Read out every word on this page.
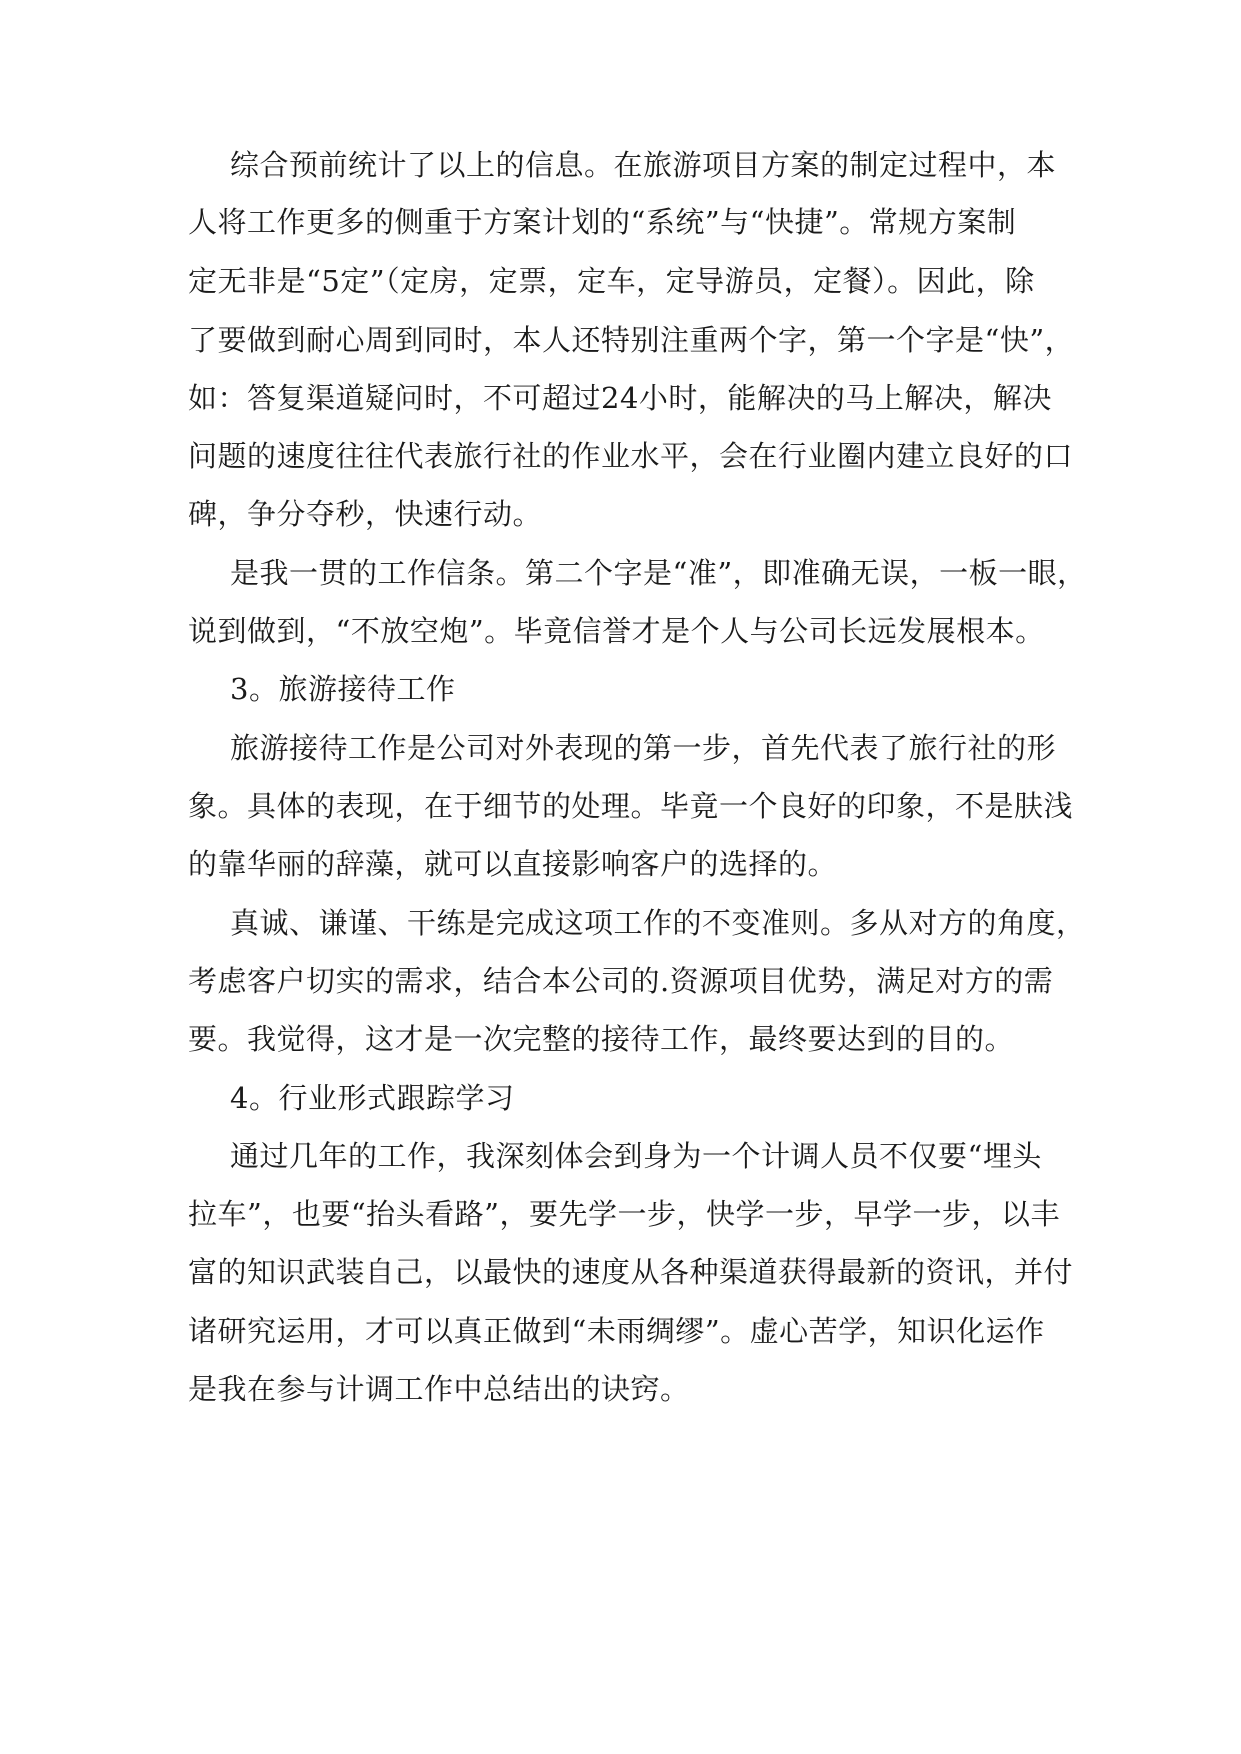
综合预前统计了以上的信息。在旅游项目方案的制定过程中，本
人将工作更多的侧重于方案计划的“系统”与“快捷”。常规方案制
定无非是“5定”（定房，定票，定车，定导游员，定餐）。因此，除
了要做到耐心周到同时，本人还特别注重两个字，第一个字是“快”，
如：答复渠道疑问时，不可超过24小时，能解决的马上解决，解决
问题的速度往往代表旅行社的作业水平，会在行业圈内建立良好的口
碑，争分夺秒，快速行动。
是我一贯的工作信条。第二个字是“准”，即准确无误，一板一眼，
说到做到，“不放空炮”。毕竟信誉才是个人与公司长远发展根本。
3。旅游接待工作
旅游接待工作是公司对外表现的第一步，首先代表了旅行社的形
象。具体的表现，在于细节的处理。毕竟一个良好的印象，不是肤浅
的靠华丽的辞藻，就可以直接影响客户的选择的。
真诚、谦谨、干练是完成这项工作的不变准则。多从对方的角度，
考虑客户切实的需求，结合本公司的.资源项目优势，满足对方的需
要。我觉得，这才是一次完整的接待工作，最终要达到的目的。
4。行业形式跟踪学习
通过几年的工作，我深刻体会到身为一个计调人员不仅要“埋头
拉车”，也要“抬头看路”，要先学一步，快学一步，早学一步，以丰
富的知识武装自己，以最快的速度从各种渠道获得最新的资讯，并付
诸研究运用，才可以真正做到“未雨绸缪”。虚心苦学，知识化运作
是我在参与计调工作中总结出的诀窍。
